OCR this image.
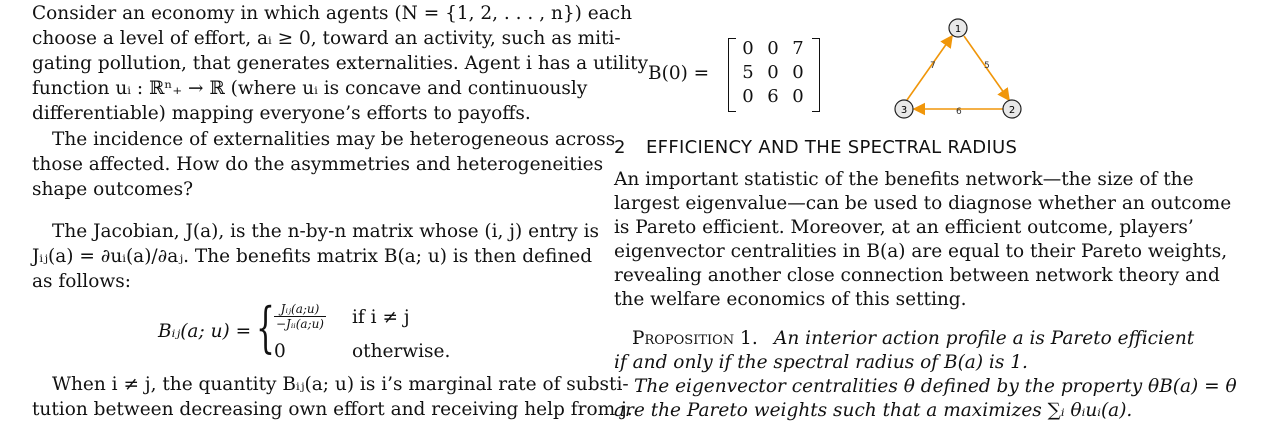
Consider an economy in which agents (N = {1, 2, . . . , n}) each
choose a level of effort, aᵢ ≥ 0, toward an activity, such as miti-
gating pollution, that generates externalities. Agent i has a utility
function uᵢ : ℝⁿ₊ → ℝ (where uᵢ is concave and continuously
differentiable) mapping everyone’s efforts to payoffs.
The incidence of externalities may be heterogeneous across
those affected. How do the asymmetries and heterogeneities
shape outcomes?
The Jacobian, J(a), is the n-by-n matrix whose (i, j) entry is
Jᵢⱼ(a) = ∂uᵢ(a)/∂aⱼ. The benefits matrix B(a; u) is then defined
as follows:
Bᵢⱼ(a; u) = { Jᵢⱼ(a;u)
−Jᵢᵢ(a;u) if i ≠ j
0	otherwise.
When i ≠ j, the quantity Bᵢⱼ(a; u) is i’s marginal rate of substi-
tution between decreasing own effort and receiving help from j.
B(0) =
0 0 7
5 0 0
0 6 0
7	5
6
1
2
3
2 EFFICIENCY AND THE SPECTRAL RADIUS
An important statistic of the benefits network—the size of the
largest eigenvalue—can be used to diagnose whether an outcome
is Pareto efficient. Moreover, at an efficient outcome, players’
eigenvector centralities in B(a) are equal to their Pareto weights,
revealing another close connection between network theory and
the welfare economics of this setting.
Proposition 1. An interior action profile a is Pareto efficient
if and only if the spectral radius of B(a) is 1.
The eigenvector centralities θ defined by the property θB(a) = θ
are the Pareto weights such that a maximizes ∑ᵢ θᵢuᵢ(a).
